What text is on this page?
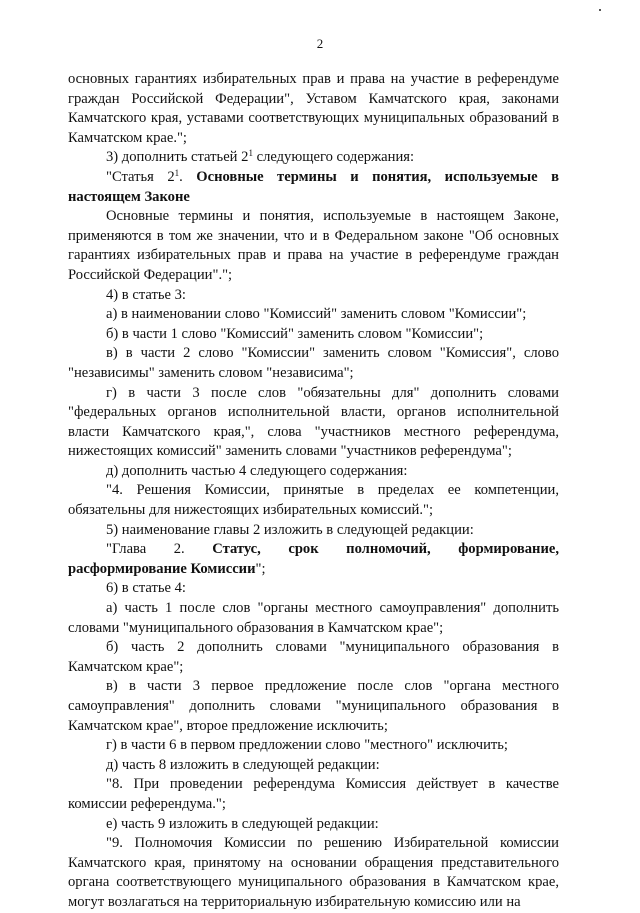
2

основных гарантиях избирательных прав и права на участие в референдуме граждан Российской Федерации", Уставом Камчатского края, законами Камчатского края, уставами соответствующих муниципальных образований в Камчатском крае.";

3) дополнить статьей $2^1$ следующего содержания:

"Статья $2^1$. Основные термины и понятия, используемые в настоящем Законе

Основные термины и понятия, используемые в настоящем Законе, применяются в том же значении, что и в Федеральном законе "Об основных гарантиях избирательных прав и права на участие в референдуме граждан Российской Федерации".";

4) в статье 3:

а) в наименовании слово "Комиссий" заменить словом "Комиссии";

б) в части 1 слово "Комиссий" заменить словом "Комиссии";

в) в части 2 слово "Комиссии" заменить словом "Комиссия", слово "независимы" заменить словом "независима";

г) в части 3 после слов "обязательны для" дополнить словами "федеральных органов исполнительной власти, органов исполнительной власти Камчатского края,", слова "участников местного референдума, нижестоящих комиссий" заменить словами "участников референдума";

д) дополнить частью 4 следующего содержания:

"4. Решения Комиссии, принятые в пределах ее компетенции, обязательны для нижестоящих избирательных комиссий.";

5) наименование главы 2 изложить в следующей редакции:

"Глава 2. Статус, срок полномочий, формирование, расформирование Комиссии";

6) в статье 4:

а) часть 1 после слов "органы местного самоуправления" дополнить словами "муниципального образования в Камчатском крае";

б) часть 2 дополнить словами "муниципального образования в Камчатском крае";

в) в части 3 первое предложение после слов "органа местного самоуправления" дополнить словами "муниципального образования в Камчатском крае", второе предложение исключить;

г) в части 6 в первом предложении слово "местного" исключить;

д) часть 8 изложить в следующей редакции:

"8. При проведении референдума Комиссия действует в качестве комиссии референдума.";

е) часть 9 изложить в следующей редакции:

"9. Полномочия Комиссии по решению Избирательной комиссии Камчатского края, принятому на основании обращения представительного органа соответствующего муниципального образования в Камчатском крае, могут возлагаться на территориальную избирательную комиссию или на
